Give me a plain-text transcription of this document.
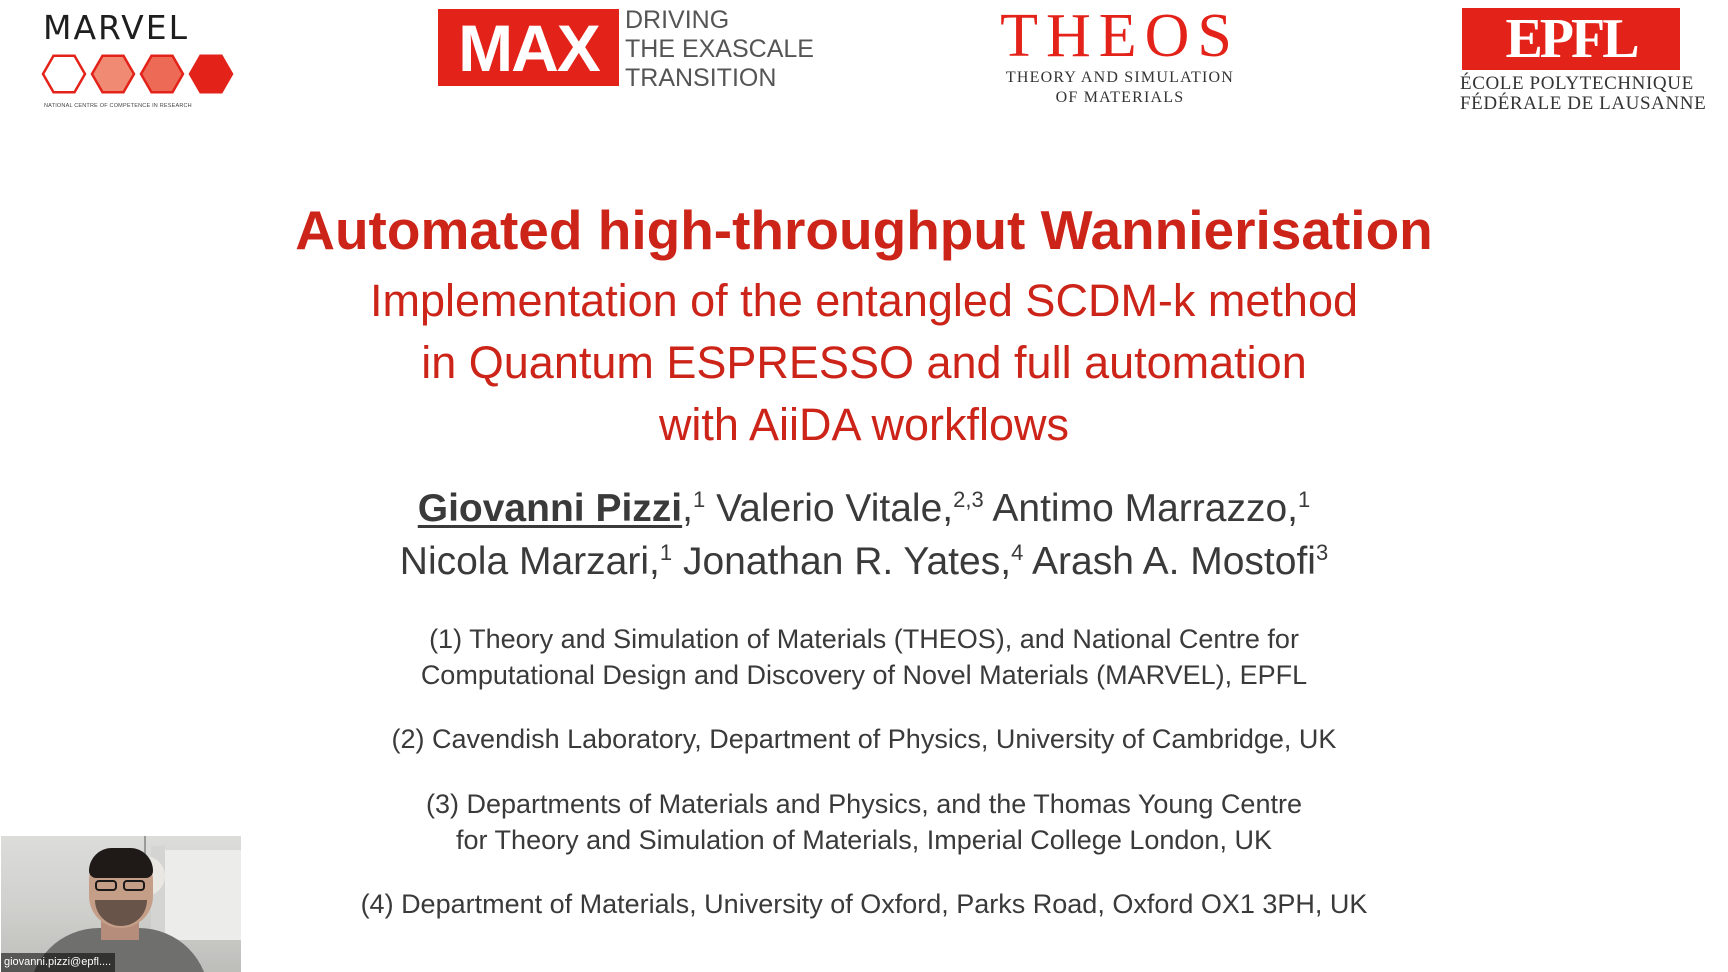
MARVEL
NATIONAL CENTRE OF COMPETENCE IN RESEARCH
MAX	DRIVING
THE EXASCALE
TRANSITION
THEOS
THEORY AND SIMULATION
OF MATERIALS
EPFL
ÉCOLE POLYTECHNIQUE
FÉDÉRALE DE LAUSANNE
Automated high-throughput Wannierisation
Implementation of the entangled SCDM-k method
in Quantum ESPRESSO and full automation
with AiiDA workflows
Giovanni Pizzi,$^1$ Valerio Vitale,$^{2,3}$ Antimo Marrazzo,$^1$
Nicola Marzari,$^1$ Jonathan R. Yates,$^4$ Arash A. Mostofi$^3$
(1) Theory and Simulation of Materials (THEOS), and National Centre for
Computational Design and Discovery of Novel Materials (MARVEL), EPFL
(2) Cavendish Laboratory, Department of Physics, University of Cambridge, UK
(3) Departments of Materials and Physics, and the Thomas Young Centre
for Theory and Simulation of Materials, Imperial College London, UK
(4) Department of Materials, University of Oxford, Parks Road, Oxford OX1 3PH, UK
giovanni.pizzi@epfl....
